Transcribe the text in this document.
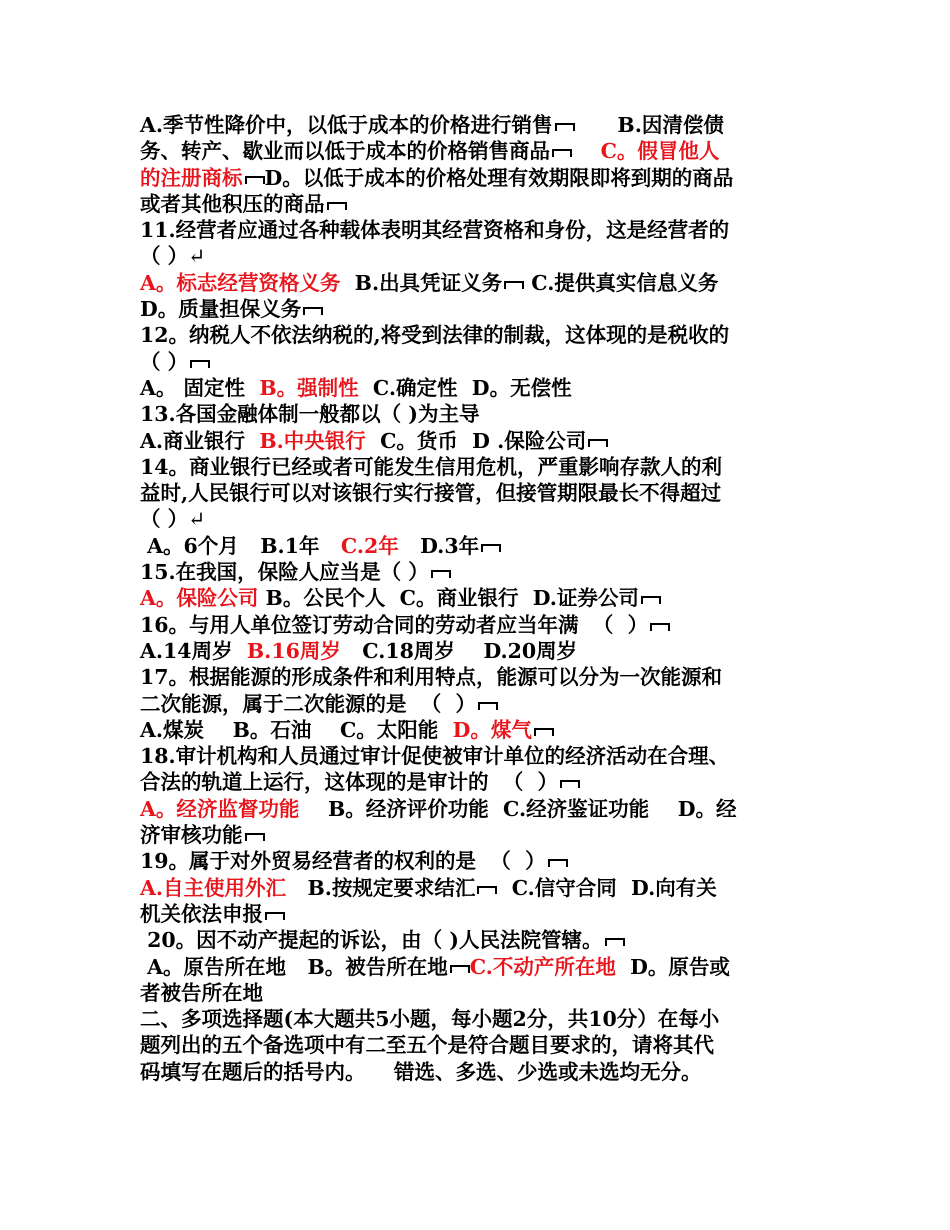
A.季节性降价中，以低于成本的价格进行销售      B.因清偿债
务、转产、歇业而以低于成本的价格销售商品 C。假冒他人
的注册商标 D。以低于成本的价格处理有效期限即将到期的商品
或者其他积压的商品
11.经营者应通过各种载体表明其经营资格和身份，这是经营者的
（ ）↵
A。标志经营资格义务  B.出具凭证义务 C.提供真实信息义务
D。质量担保义务
12。纳税人不依法纳税的,将受到法律的制裁，这体现的是税收的
（ ）
A。 固定性  B。强制性  C.确定性  D。无偿性
13.各国金融体制一般都以（ )为主导
A.商业银行  B.中央银行  C。货币  D .保险公司
14。商业银行已经或者可能发生信用危机，严重影响存款人的利
益时,人民银行可以对该银行实行接管，但接管期限最长不得超过
（ ）↵
A。6个月   B.1年   C.2年   D.3年
15.在我国，保险人应当是（ ）
A。保险公司 B。公民个人  C。商业银行  D.证券公司
16。与用人单位签订劳动合同的劳动者应当年满  （  ）
A.14周岁  B.16周岁   C.18周岁    D.20周岁
17。根据能源的形成条件和利用特点，能源可以分为一次能源和
二次能源，属于二次能源的是  （  ）
A.煤炭    B。石油    C。太阳能  D。煤气
18.审计机构和人员通过审计促使被审计单位的经济活动在合理、
合法的轨道上运行，这体现的是审计的  （  ）
A。经济监督功能    B。经济评价功能  C.经济鉴证功能    D。经
济审核功能
19。属于对外贸易经营者的权利的是  （  ）
A.自主使用外汇   B.按规定要求结汇  C.信守合同  D.向有关
机关依法申报
20。因不动产提起的诉讼，由（ )人民法院管辖。
A。原告所在地   B。被告所在地 C.不动产所在地  D。原告或
者被告所在地
二、多项选择题(本大题共5小题，每小题2分，共10分）在每小
题列出的五个备选项中有二至五个是符合题目要求的，请将其代
码填写在题后的括号内。    错选、多选、少选或未选均无分。
